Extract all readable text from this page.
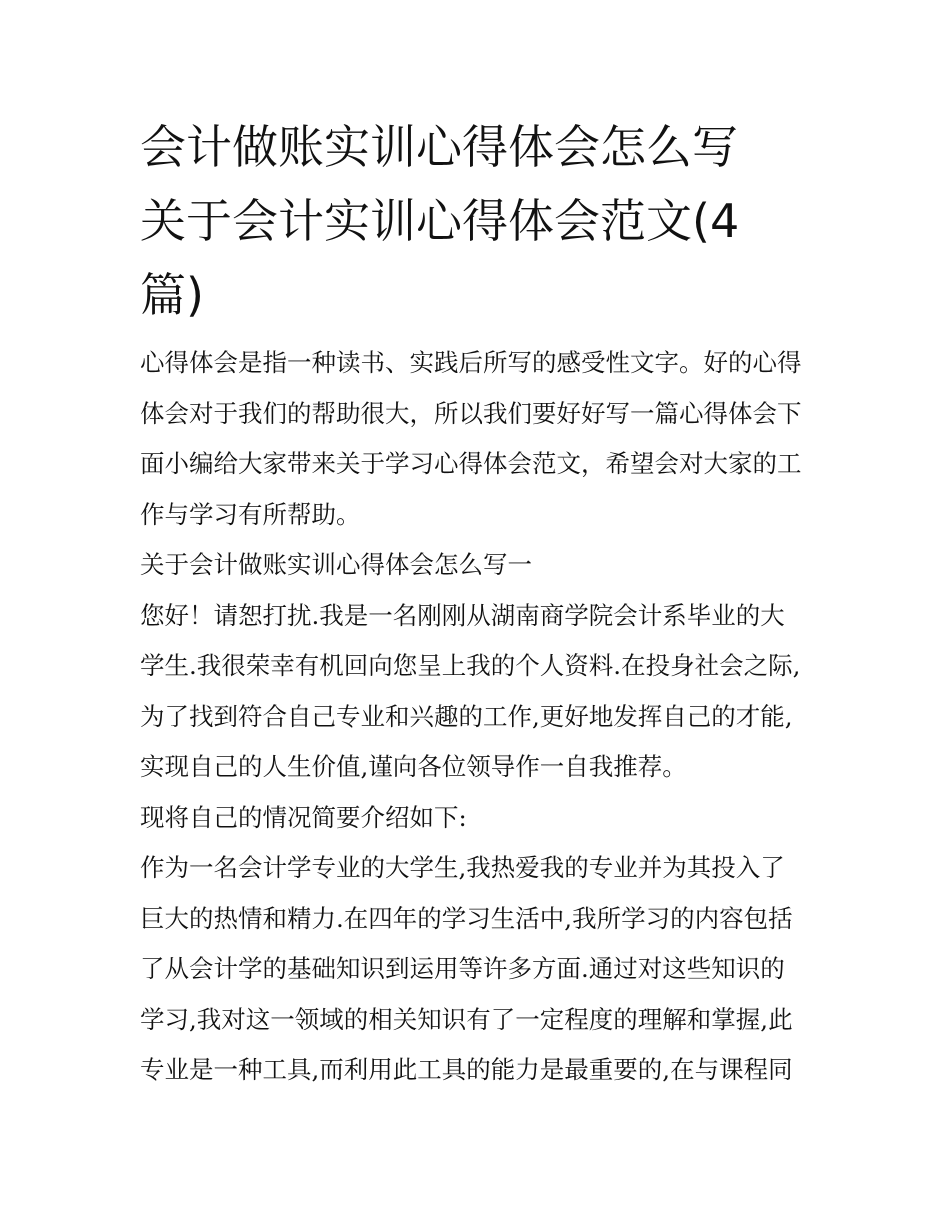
会计做账实训心得体会怎么写
关于会计实训心得体会范文(4
篇)
心得体会是指一种读书、实践后所写的感受性文字。好的心得
体会对于我们的帮助很大，所以我们要好好写一篇心得体会下
面小编给大家带来关于学习心得体会范文，希望会对大家的工
作与学习有所帮助。
关于会计做账实训心得体会怎么写一
您好！请恕打扰.我是一名刚刚从湖南商学院会计系毕业的大
学生.我很荣幸有机回向您呈上我的个人资料.在投身社会之际,
为了找到符合自己专业和兴趣的工作,更好地发挥自己的才能,
实现自己的人生价值,谨向各位领导作一自我推荐。
现将自己的情况简要介绍如下:
作为一名会计学专业的大学生,我热爱我的专业并为其投入了
巨大的热情和精力.在四年的学习生活中,我所学习的内容包括
了从会计学的基础知识到运用等许多方面.通过对这些知识的
学习,我对这一领域的相关知识有了一定程度的理解和掌握,此
专业是一种工具,而利用此工具的能力是最重要的,在与课程同
